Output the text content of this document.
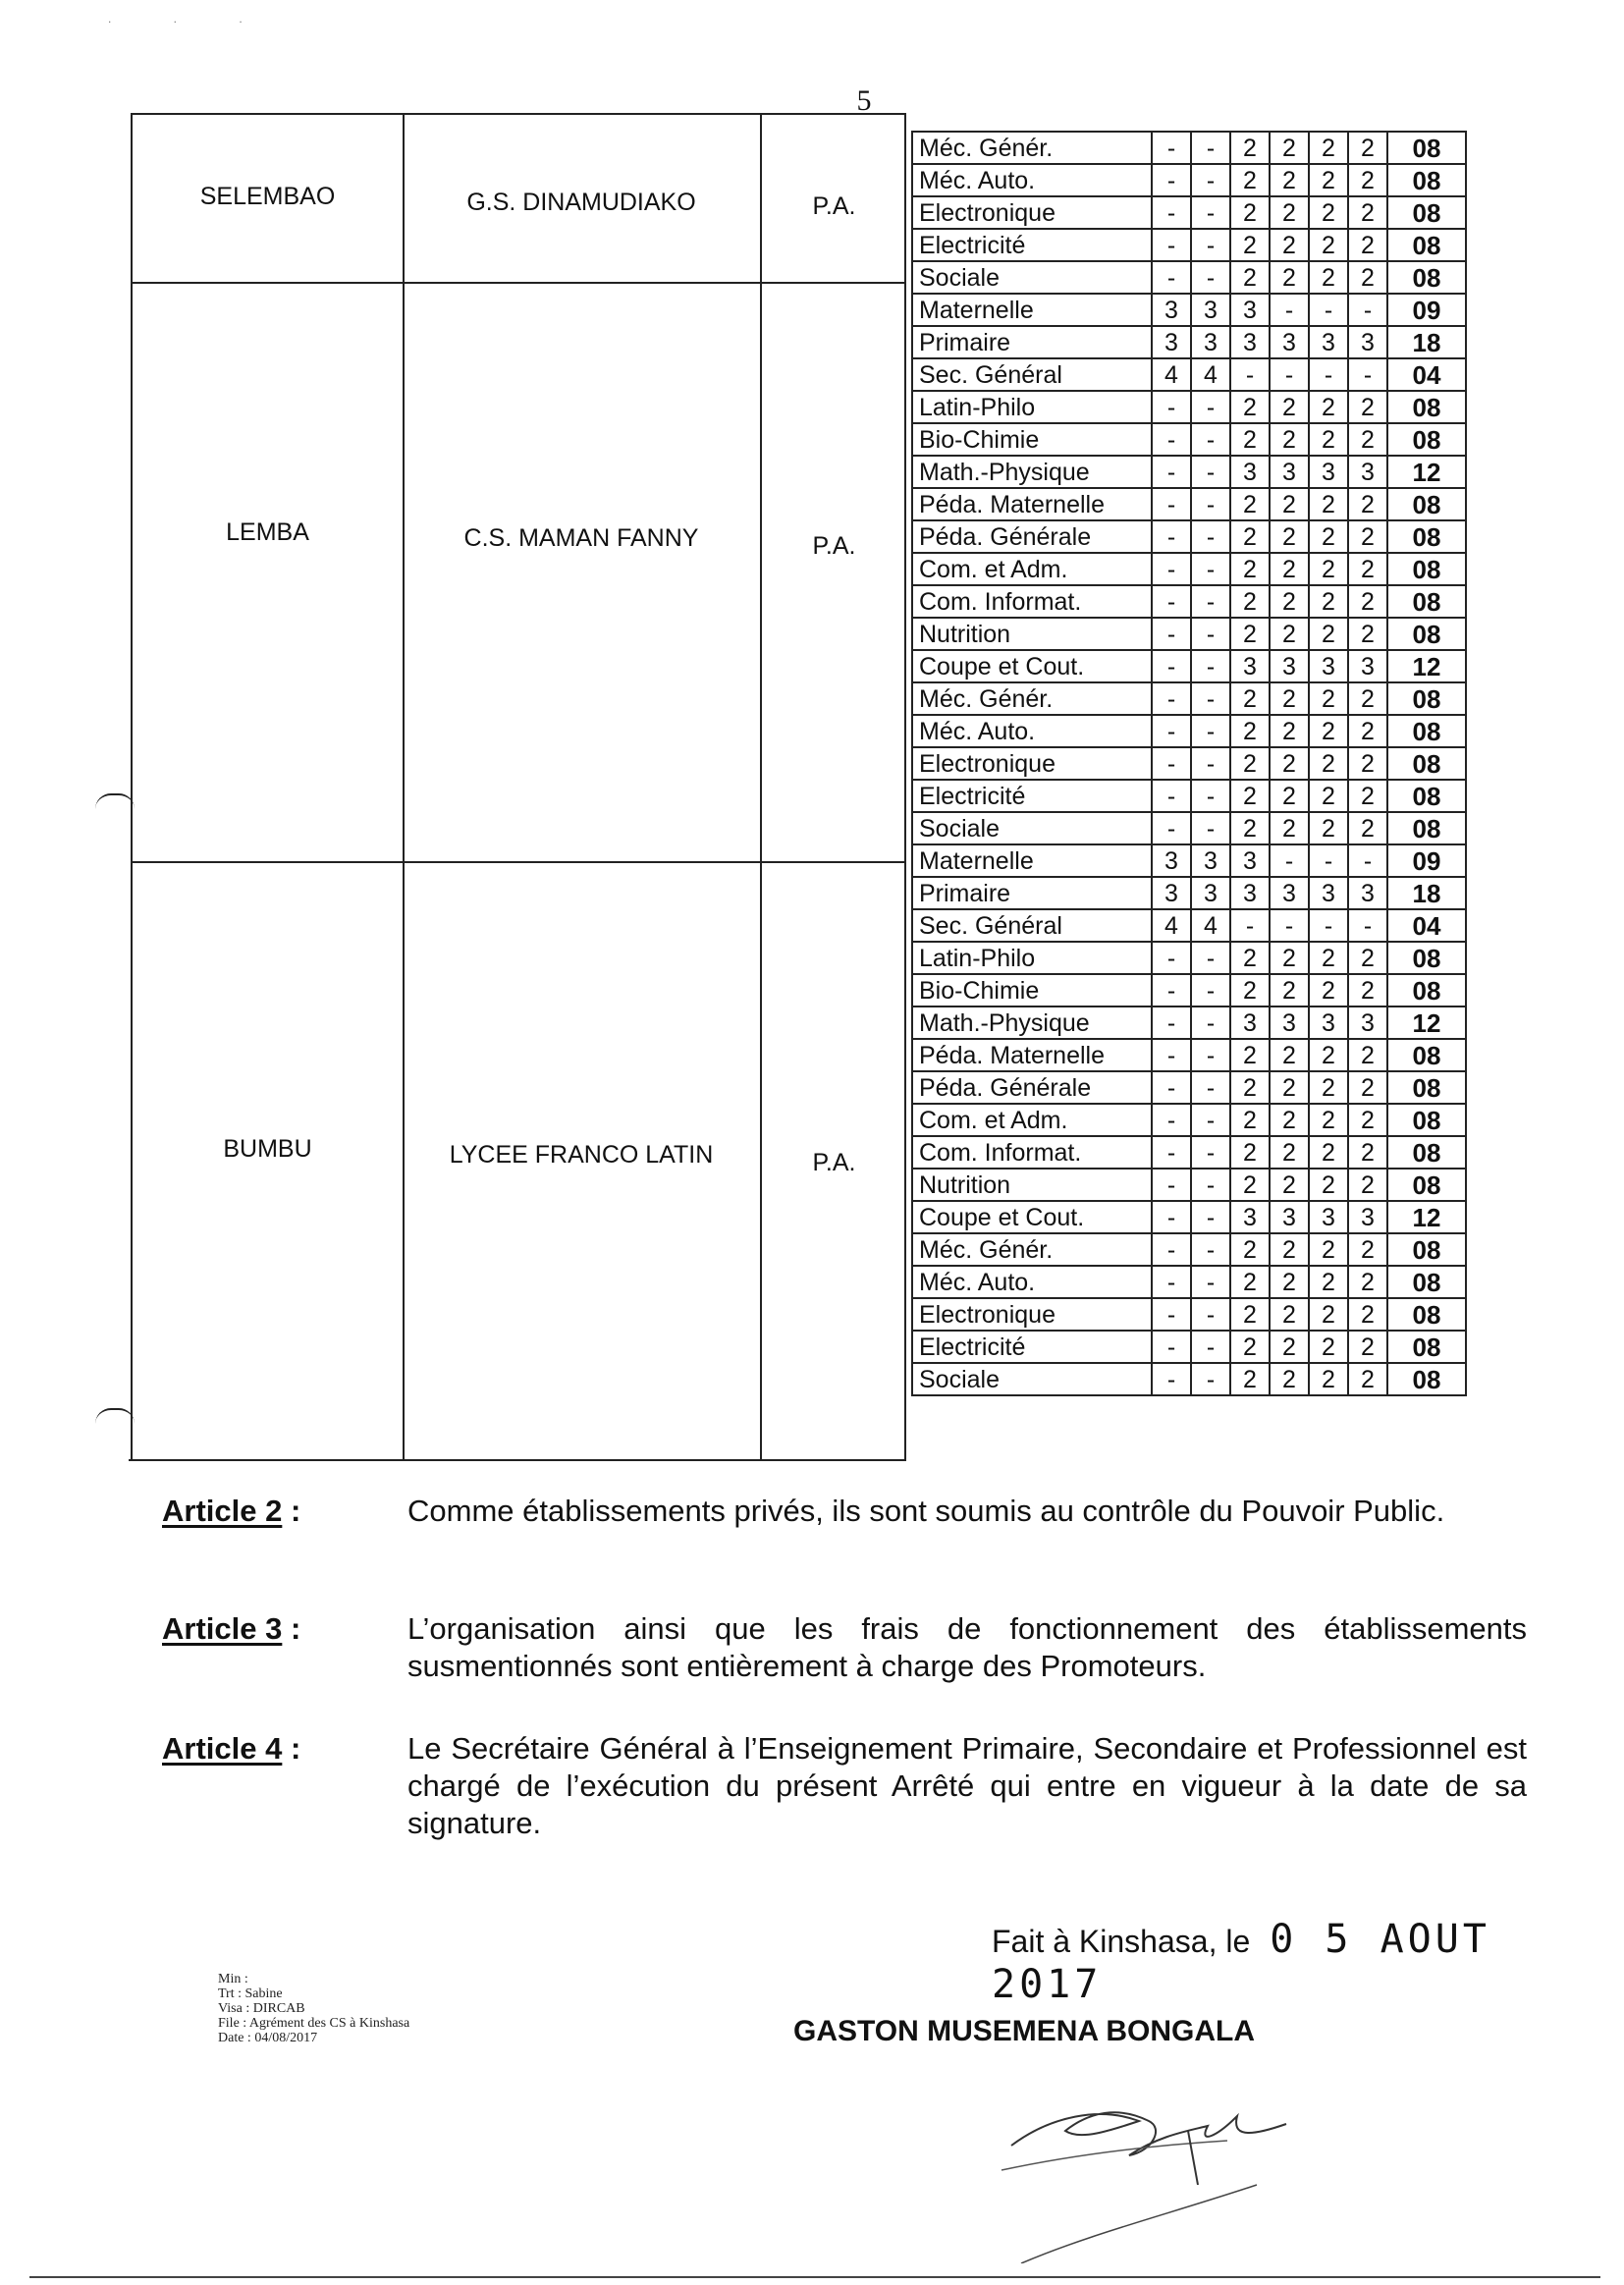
. . .
5
SELEMBAO	G.S. DINAMUDIAKO	P.A.
LEMBA	C.S. MAMAN FANNY	P.A.
BUMBU	LYCEE FRANCO LATIN	P.A.
Méc. Génér.	-	-	2	2	2	2	08
Méc. Auto.	-	-	2	2	2	2	08
Electronique	-	-	2	2	2	2	08
Electricité	-	-	2	2	2	2	08
Sociale	-	-	2	2	2	2	08
Maternelle	3	3	3	-	-	-	09
Primaire	3	3	3	3	3	3	18
Sec. Général	4	4	-	-	-	-	04
Latin-Philo	-	-	2	2	2	2	08
Bio-Chimie	-	-	2	2	2	2	08
Math.-Physique	-	-	3	3	3	3	12
Péda. Maternelle	-	-	2	2	2	2	08
Péda. Générale	-	-	2	2	2	2	08
Com. et Adm.	-	-	2	2	2	2	08
Com. Informat.	-	-	2	2	2	2	08
Nutrition	-	-	2	2	2	2	08
Coupe et Cout.	-	-	3	3	3	3	12
Méc. Génér.	-	-	2	2	2	2	08
Méc. Auto.	-	-	2	2	2	2	08
Electronique	-	-	2	2	2	2	08
Electricité	-	-	2	2	2	2	08
Sociale	-	-	2	2	2	2	08
Maternelle	3	3	3	-	-	-	09
Primaire	3	3	3	3	3	3	18
Sec. Général	4	4	-	-	-	-	04
Latin-Philo	-	-	2	2	2	2	08
Bio-Chimie	-	-	2	2	2	2	08
Math.-Physique	-	-	3	3	3	3	12
Péda. Maternelle	-	-	2	2	2	2	08
Péda. Générale	-	-	2	2	2	2	08
Com. et Adm.	-	-	2	2	2	2	08
Com. Informat.	-	-	2	2	2	2	08
Nutrition	-	-	2	2	2	2	08
Coupe et Cout.	-	-	3	3	3	3	12
Méc. Génér.	-	-	2	2	2	2	08
Méc. Auto.	-	-	2	2	2	2	08
Electronique	-	-	2	2	2	2	08
Electricité	-	-	2	2	2	2	08
Sociale	-	-	2	2	2	2	08
Article 2 :	Comme établissements privés, ils sont soumis au contrôle du Pouvoir Public.
Article 3 :	L’organisation ainsi que les frais de fonctionnement des établissements susmentionnés sont entièrement à charge des Promoteurs.
Article 4 :	Le Secrétaire Général à l’Enseignement Primaire, Secondaire et Professionnel est chargé de l’exécution du présent Arrêté qui entre en vigueur à la date de sa signature.
Fait à Kinshasa, le 0 5 AOUT 2017
Min :
Trt : Sabine
Visa : DIRCAB
File : Agrément des CS à Kinshasa
Date : 04/08/2017	GASTON MUSEMENA BONGALA
